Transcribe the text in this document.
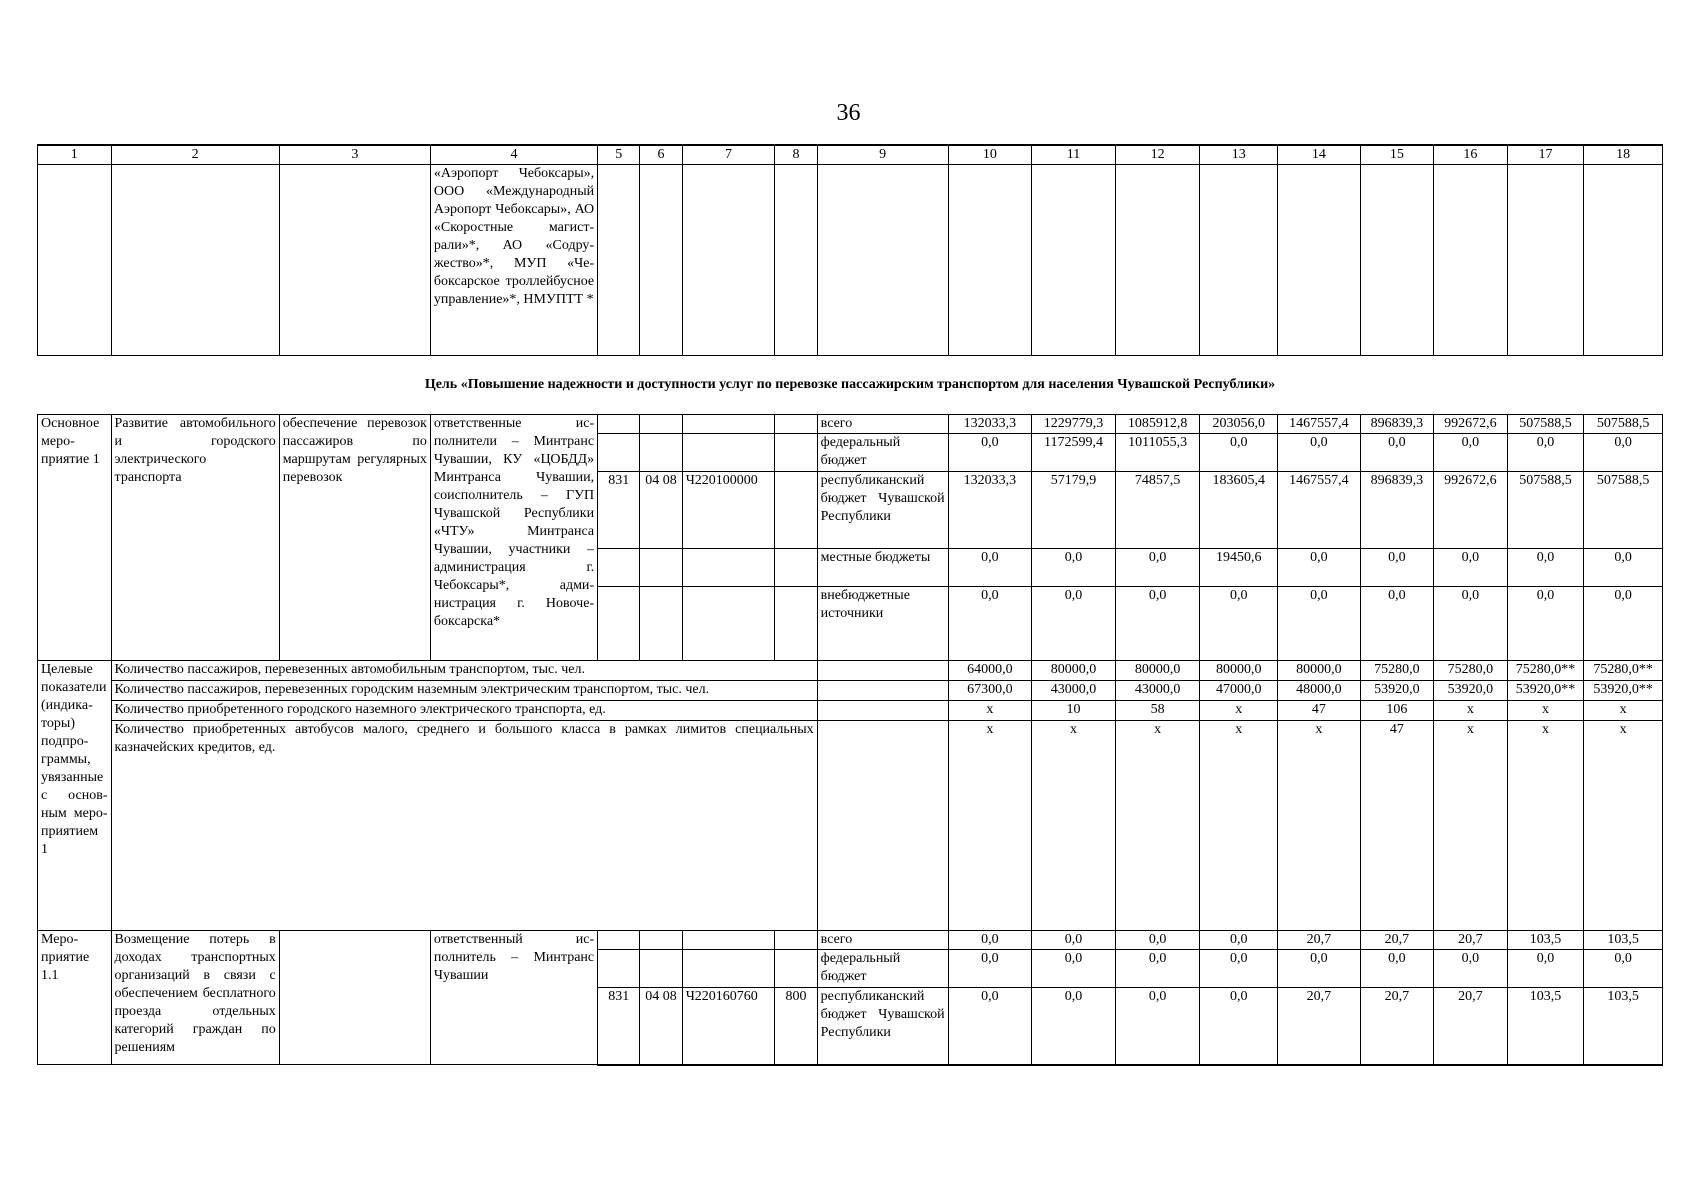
36
1	2	3	4	5	6	7	8	9	10	11	12	13	14	15	16	17	18
			«Аэропорт Чебоксары», ООО «Международный Аэропорт Чебоксары», АО «Скоростные магистрали»*, АО «Содружество»*, МУП «Чебоксарское троллейбусное управление»*, НМУПТТ *														
Цель «Повышение надежности и доступности услуг по перевозке пассажирским транспортом для населения Чувашской Республики»																	
Основное мероприятие 1	Развитие автомобильного и городского электрического транспорта	обеспечение перевозок пассажиров по маршрутам регулярных перевозок	ответственные исполнители – Минтранс Чувашии, КУ «ЦОБДД» Минтранса Чувашии, соисполнитель – ГУП Чувашской Республики «ЧТУ» Минтранса Чувашии, участники – администрация г. Чебоксары*, администрация г. Новочебоксарска*					всего	132033,3	1229779,3	1085912,8	203056,0	1467557,4	896839,3	992672,6	507588,5	507588,5
								федеральный бюджет	0,0	1172599,4	1011055,3	0,0	0,0	0,0	0,0	0,0	0,0
				831	04 08	Ч220100000		республиканский бюджет Чувашской Республики	132033,3	57179,9	74857,5	183605,4	1467557,4	896839,3	992672,6	507588,5	507588,5
								местные бюджеты	0,0	0,0	0,0	19450,6	0,0	0,0	0,0	0,0	0,0
								внебюджетные источники	0,0	0,0	0,0	0,0	0,0	0,0	0,0	0,0	0,0
Целевые показатели (индикаторы) подпрограммы, увязанные с основным мероприятием 1	Количество пассажиров, перевезенных автомобильным транспортом, тыс. чел.								64000,0	80000,0	80000,0	80000,0	80000,0	75280,0	75280,0	75280,0**	75280,0**
	Количество пассажиров, перевезенных городским наземным электрическим транспортом, тыс. чел.								67300,0	43000,0	43000,0	47000,0	48000,0	53920,0	53920,0	53920,0**	53920,0**
	Количество приобретенного городского наземного электрического транспорта, ед.								x	10	58	x	47	106	x	x	x
	Количество приобретенных автобусов малого, среднего и большого класса в рамках лимитов специальных казначейских кредитов, ед.								x	x	x	x	x	47	x	x	x
Мероприятие 1.1	Возмещение потерь в доходах транспортных организаций в связи с обеспечением бесплатного проезда отдельных категорий граждан по решениям		ответственный исполнитель – Минтранс Чувашии					всего	0,0	0,0	0,0	0,0	20,7	20,7	20,7	103,5	103,5
								федеральный бюджет	0,0	0,0	0,0	0,0	0,0	0,0	0,0	0,0	0,0
				831	04 08	Ч220160760	800	республиканский бюджет Чувашской Республики	0,0	0,0	0,0	0,0	20,7	20,7	20,7	103,5	103,5
